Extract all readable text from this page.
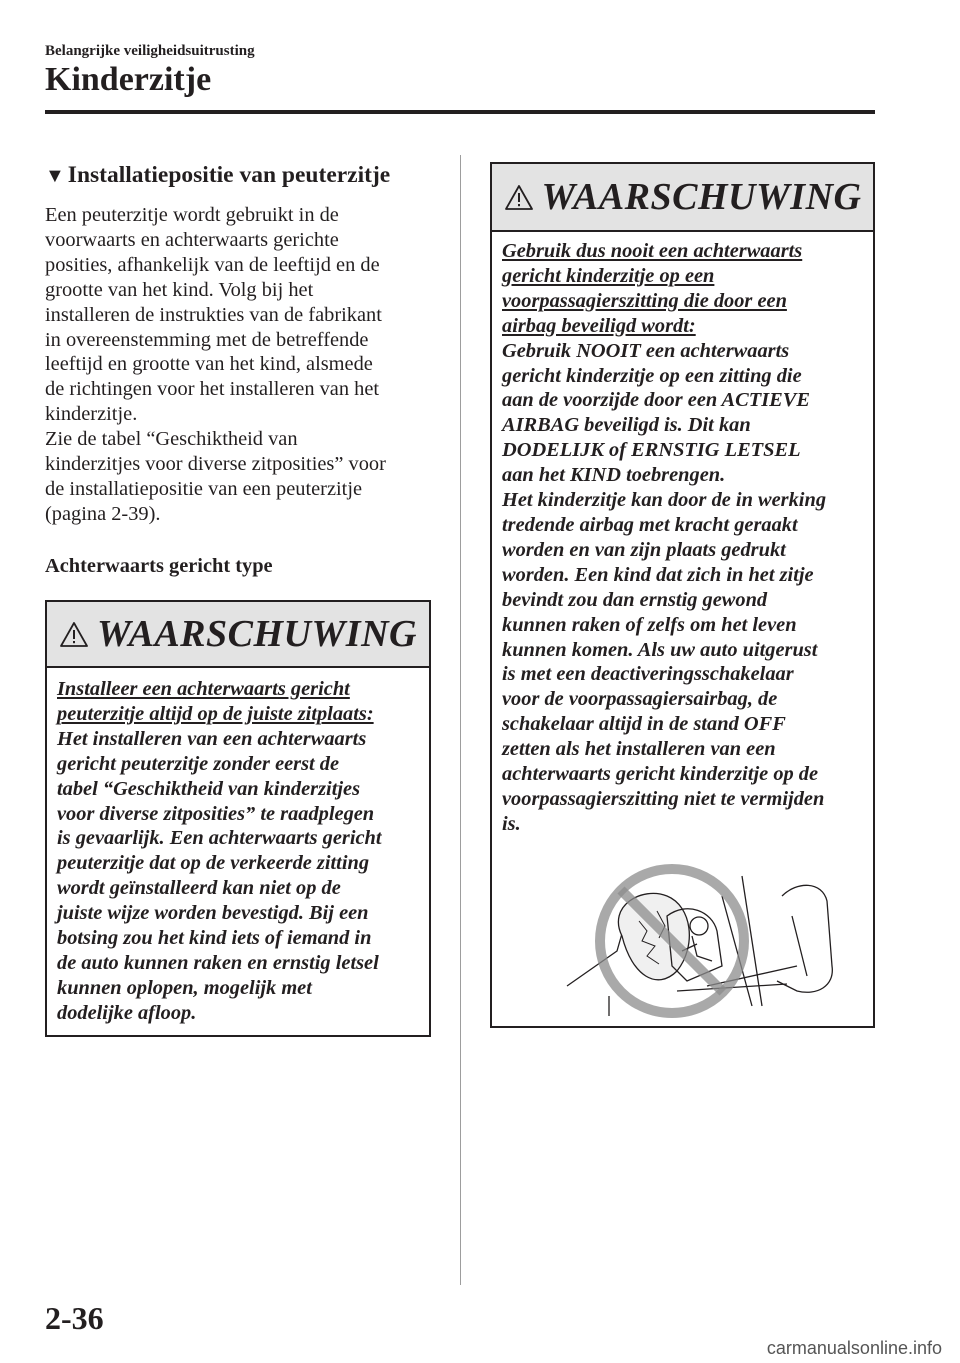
Belangrijke veiligheidsuitrusting
Kinderzitje
▼ Installatiepositie van peuterzitje

Een peuterzitje wordt gebruikt in de

voorwaarts en achterwaarts gerichte

posities, afhankelijk van de leeftijd en de

grootte van het kind. Volg bij het

installeren de instrukties van de fabrikant

in overeenstemming met de betreffende

leeftijd en grootte van het kind, alsmede

de richtingen voor het installeren van het

kinderzitje.

Zie de tabel “Geschiktheid van

kinderzitjes voor diverse zitposities” voor

de installatiepositie van een peuterzitje

(pagina 2-39).

Achterwaarts gericht type

WAARSCHUWING

Installeer een achterwaarts gericht

peuterzitje altijd op de juiste zitplaats:

Het installeren van een achterwaarts

gericht peuterzitje zonder eerst de

tabel “Geschiktheid van kinderzitjes

voor diverse zitposities” te raadplegen

is gevaarlijk. Een achterwaarts gericht

peuterzitje dat op de verkeerde zitting

wordt geïnstalleerd kan niet op de

juiste wijze worden bevestigd. Bij een

botsing zou het kind iets of iemand in

de auto kunnen raken en ernstig letsel

kunnen oplopen, mogelijk met

dodelijke afloop.

WAARSCHUWING

Gebruik dus nooit een achterwaarts

gericht kinderzitje op een

voorpassagierszitting die door een

airbag beveiligd wordt:

Gebruik NOOIT een achterwaarts

gericht kinderzitje op een zitting die

aan de voorzijde door een ACTIEVE

AIRBAG beveiligd is. Dit kan

DODELIJK of ERNSTIG LETSEL

aan het KIND toebrengen.

Het kinderzitje kan door de in werking

tredende airbag met kracht geraakt

worden en van zijn plaats gedrukt

worden. Een kind dat zich in het zitje

bevindt zou dan ernstig gewond

kunnen raken of zelfs om het leven

kunnen komen. Als uw auto uitgerust

is met een deactiveringsschakelaar

voor de voorpassagiersairbag, de

schakelaar altijd in de stand OFF

zetten als het installeren van een

achterwaarts gericht kinderzitje op de

voorpassagierszitting niet te vermijden

is.

2-36
carmanualsonline.info
